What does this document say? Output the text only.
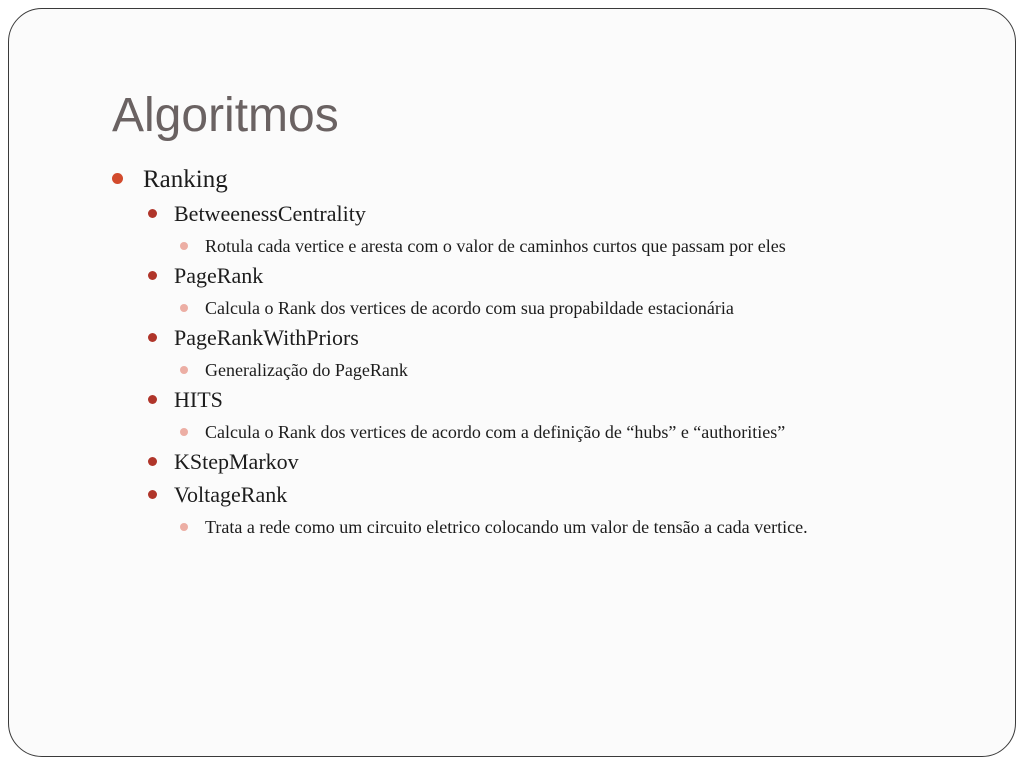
Algoritmos
Ranking
BetweenessCentrality
Rotula cada vertice e aresta com o valor de caminhos curtos que passam por eles
PageRank
Calcula o Rank dos vertices de acordo com sua propabildade estacionária
PageRankWithPriors
Generalização do PageRank
HITS
Calcula o Rank dos vertices de acordo com a definição de “hubs” e “authorities”
KStepMarkov
VoltageRank
Trata a rede como um circuito eletrico colocando um valor de tensão a cada vertice.
